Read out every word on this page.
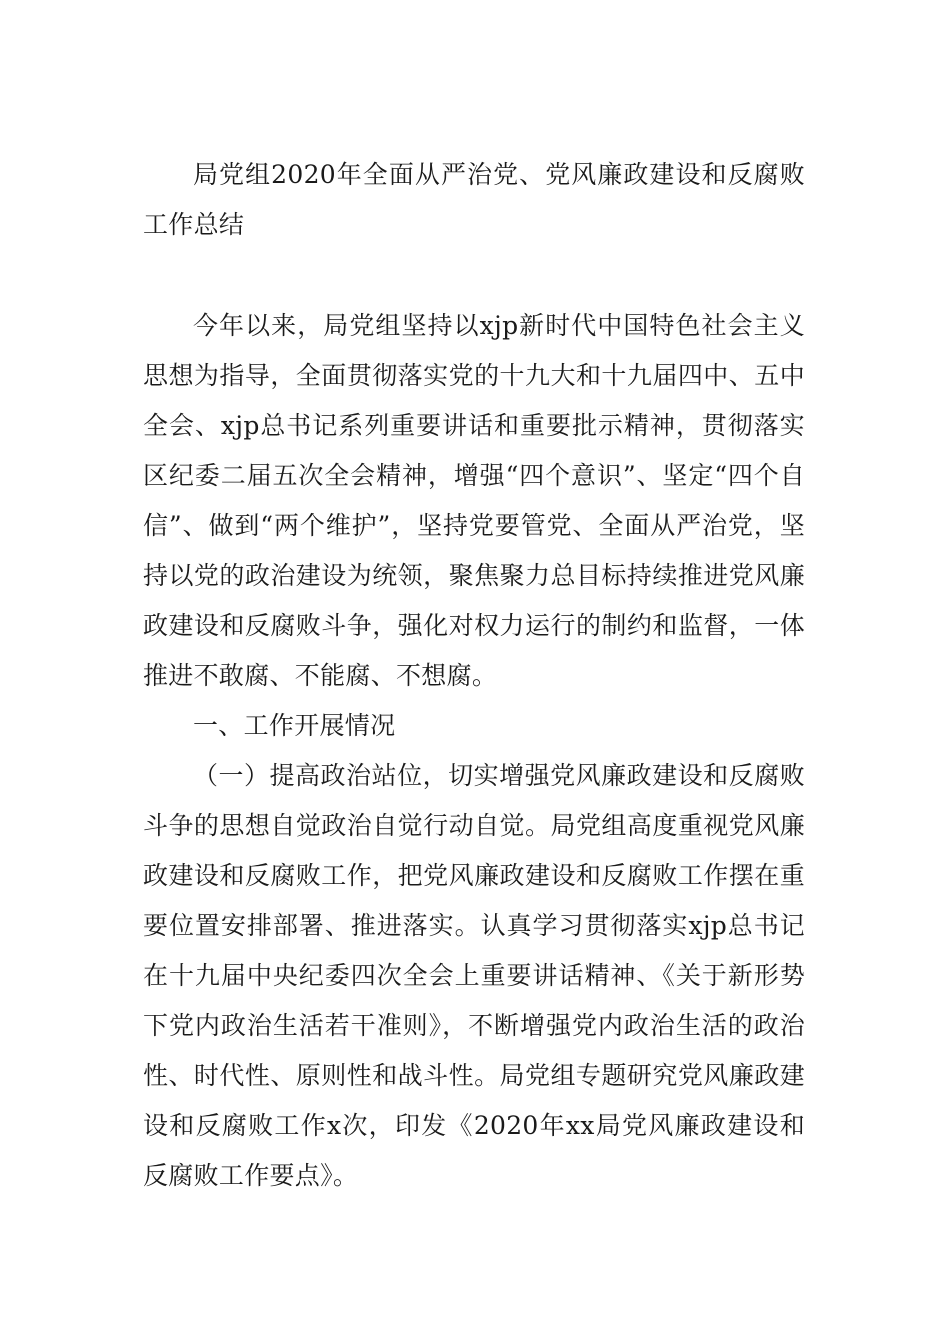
局党组2020年全面从严治党、党风廉政建设和反腐败工作总结

今年以来，局党组坚持以xjp新时代中国特色社会主义思想为指导，全面贯彻落实党的十九大和十九届四中、五中全会、xjp总书记系列重要讲话和重要批示精神，贯彻落实区纪委二届五次全会精神，增强“四个意识”、坚定“四个自信”、做到“两个维护”，坚持党要管党、全面从严治党，坚持以党的政治建设为统领，聚焦聚力总目标持续推进党风廉政建设和反腐败斗争，强化对权力运行的制约和监督，一体推进不敢腐、不能腐、不想腐。

一、工作开展情况

（一）提高政治站位，切实增强党风廉政建设和反腐败斗争的思想自觉政治自觉行动自觉。局党组高度重视党风廉政建设和反腐败工作，把党风廉政建设和反腐败工作摆在重要位置安排部署、推进落实。认真学习贯彻落实xjp总书记在十九届中央纪委四次全会上重要讲话精神、《关于新形势下党内政治生活若干准则》，不断增强党内政治生活的政治性、时代性、原则性和战斗性。局党组专题研究党风廉政建设和反腐败工作x次，印发《2020年xx局党风廉政建设和反腐败工作要点》。
